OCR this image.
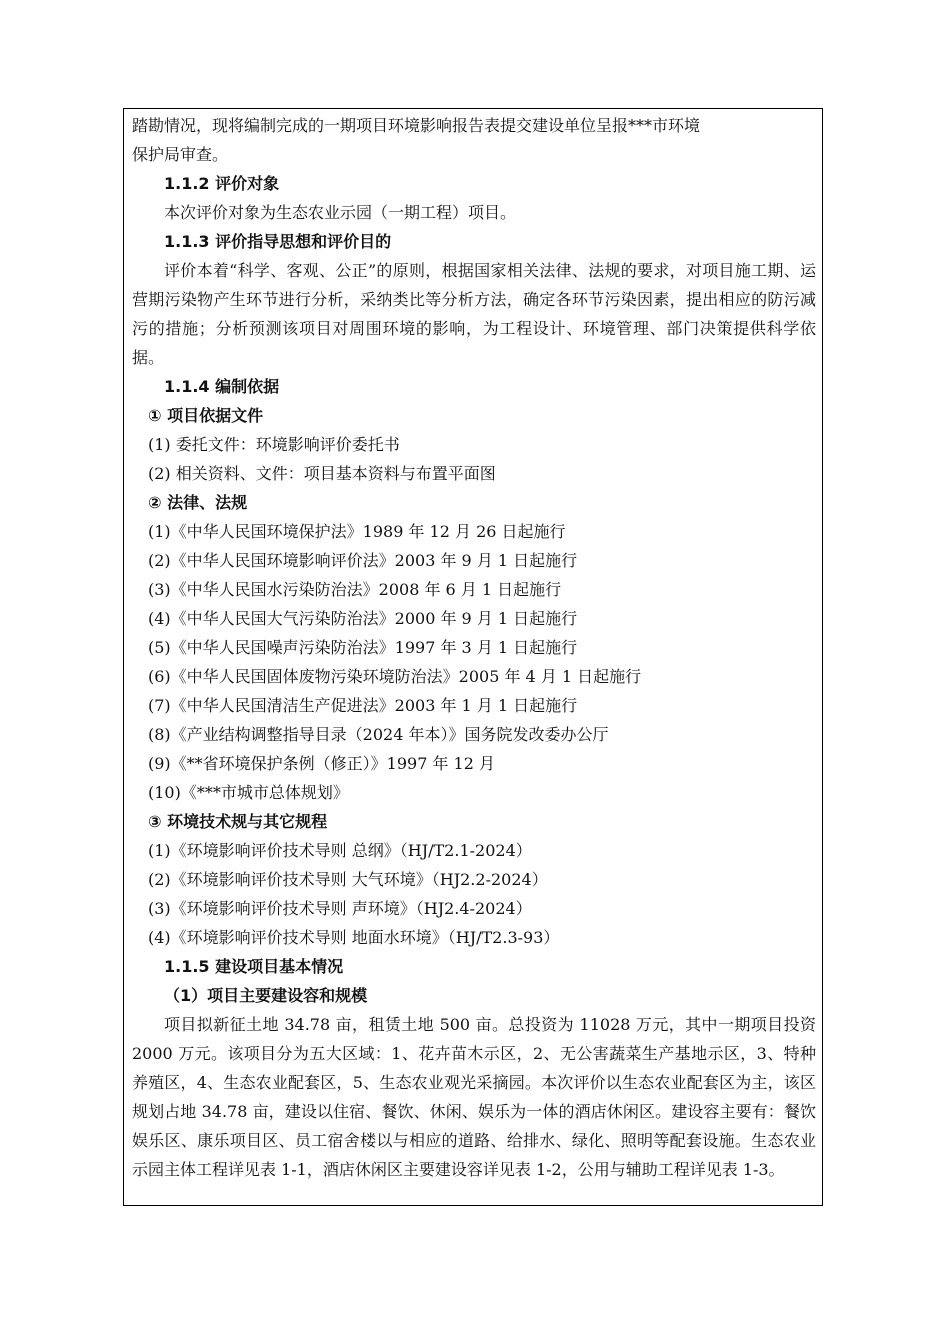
踏勘情况，现将编制完成的一期项目环境影响报告表提交建设单位呈报***市环境

保护局审查。

1.1.2 评价对象

本次评价对象为生态农业示园（一期工程）项目。

1.1.3 评价指导思想和评价目的

评价本着“科学、客观、公正”的原则，根据国家相关法律、法规的要求，对项目施工期、运营期污染物产生环节进行分析，采纳类比等分析方法，确定各环节污染因素，提出相应的防污减污的措施；分析预测该项目对周围环境的影响，为工程设计、环境管理、部门决策提供科学依据。

1.1.4 编制依据

① 项目依据文件

(1) 委托文件：环境影响评价委托书

(2) 相关资料、文件：项目基本资料与布置平面图

② 法律、法规

(1)《中华人民国环境保护法》1989 年 12 月 26 日起施行

(2)《中华人民国环境影响评价法》2003 年 9 月 1 日起施行

(3)《中华人民国水污染防治法》2008 年 6 月 1 日起施行

(4)《中华人民国大气污染防治法》2000 年 9 月 1 日起施行

(5)《中华人民国噪声污染防治法》1997 年 3 月 1 日起施行

(6)《中华人民国固体废物污染环境防治法》2005 年 4 月 1 日起施行

(7)《中华人民国清洁生产促进法》2003 年 1 月 1 日起施行

(8)《产业结构调整指导目录（2024 年本）》国务院发改委办公厅

(9)《**省环境保护条例（修正）》1997 年 12 月

(10)《***市城市总体规划》

③ 环境技术规与其它规程

(1)《环境影响评价技术导则 总纲》（HJ/T2.1-2024）

(2)《环境影响评价技术导则 大气环境》（HJ2.2-2024）

(3)《环境影响评价技术导则 声环境》（HJ2.4-2024）

(4)《环境影响评价技术导则 地面水环境》（HJ/T2.3-93）

1.1.5 建设项目基本情况

（1）项目主要建设容和规模

项目拟新征土地 34.78 亩，租赁土地 500 亩。总投资为 11028 万元，其中一期项目投资 2000 万元。该项目分为五大区域：1、花卉苗木示区，2、无公害蔬菜生产基地示区，3、特种养殖区，4、生态农业配套区，5、生态农业观光采摘园。本次评价以生态农业配套区为主，该区规划占地 34.78 亩，建设以住宿、餐饮、休闲、娱乐为一体的酒店休闲区。建设容主要有：餐饮娱乐区、康乐项目区、员工宿舍楼以与相应的道路、给排水、绿化、照明等配套设施。生态农业示园主体工程详见表 1-1，酒店休闲区主要建设容详见表 1-2，公用与辅助工程详见表 1-3。
